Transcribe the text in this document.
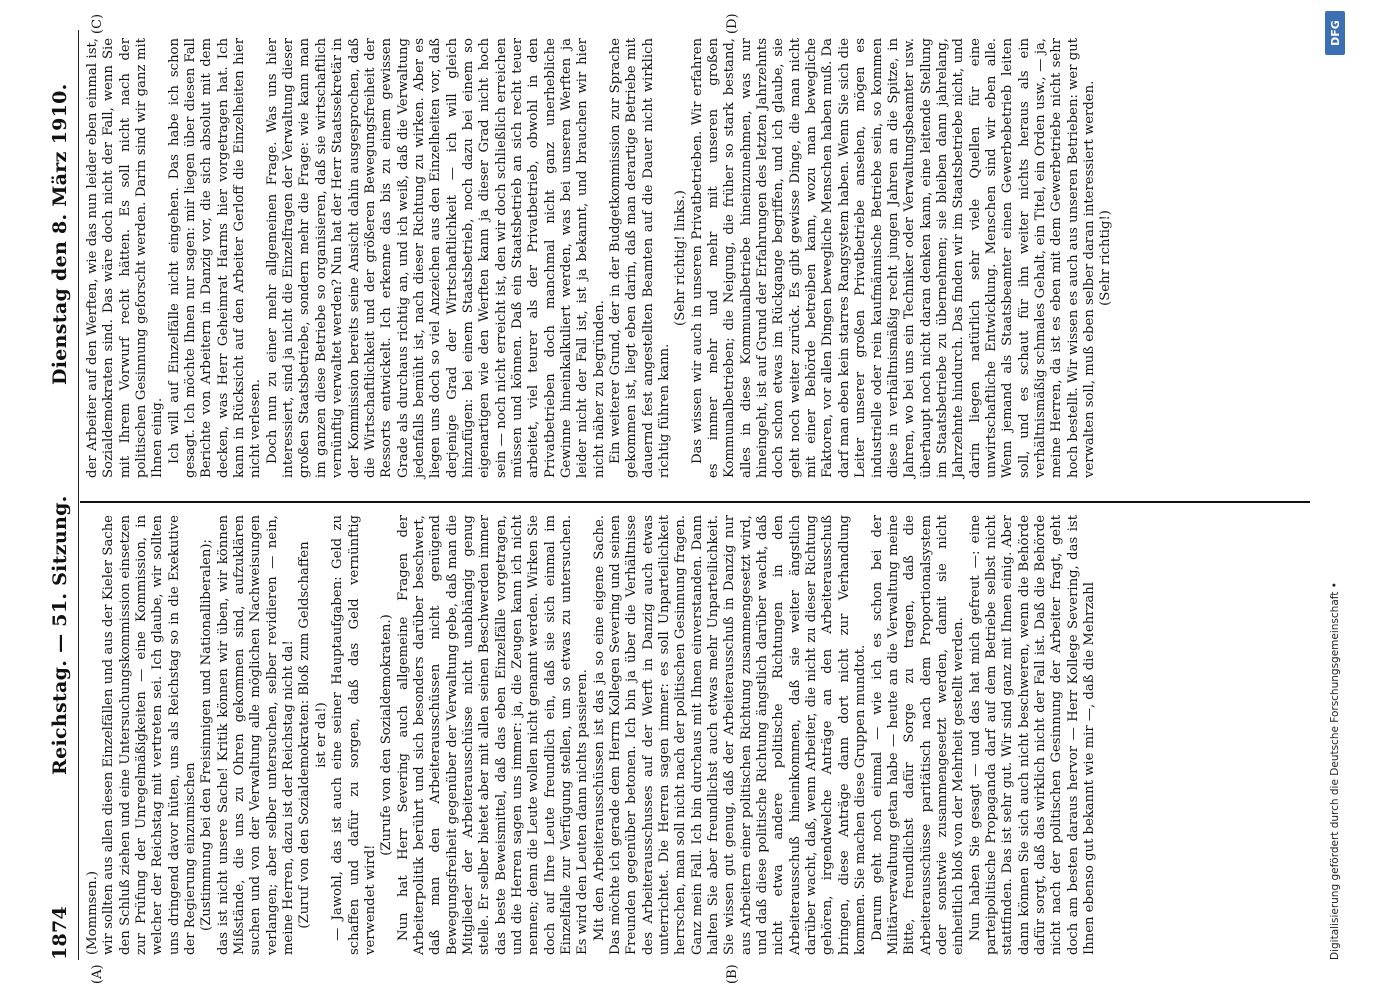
1874
Reichstag. — 51. Sitzung.
Dienstag den 8. März 1910.
(A)	(B)
(C)	(D)

(Mommsen.) wir sollten aus allen diesen Einzelfällen und aus der Kieler Sache den Schluß ziehen und eine Untersuchungskommission einsetzen zur Prüfung der Unregelmäßigkeiten — eine Kommission, in welcher der Reichstag mit vertreten sei. Ich glaube, wir sollten uns dringend davor hüten, uns als Reichstag so in die Exekutive der Regierung einzumischen (Zustimmung bei den Freisinnigen und Nationalliberalen); das ist nicht unsere Sache! Kritik können wir üben, wir können Mißstände, die uns zu Ohren gekommen sind, aufzuklären suchen und von der Verwaltung alle möglichen Nachweisungen verlangen; aber selber untersuchen, selber revidieren — nein, meine Herren, dazu ist der Reichstag nicht da! (Zuruf von den Sozialdemokraten: Bloß zum Geldschaffen ist er da!) — Jawohl, das ist auch eine seiner Hauptaufgaben: Geld zu schaffen und dafür zu sorgen, daß das Geld vernünftig verwendet wird!

(Zurufe von den Sozialdemokraten.) Nun hat Herr Severing auch allgemeine Fragen der Arbeiterpolitik berührt und sich besonders darüber beschwert, daß man den Arbeiterausschüssen nicht genügend Bewegungsfreiheit gegenüber der Verwaltung gebe, daß man die Mitglieder der Arbeiterausschüsse nicht unabhängig genug stelle. Er selber bietet aber mit allen seinen Beschwerden immer das beste Beweismittel, daß das eben Einzelfälle vorgetragen, und die Herren sagen uns immer: ja, die Zeugen kann ich nicht nennen; denn die Leute wollen nicht genannt werden. Wirken Sie doch auf Ihre Leute freundlich ein, daß sie sich einmal im Einzelfalle zur Verfügung stellen, um so etwas zu untersuchen. Es wird den Leuten dann nichts passieren. Mit den Arbeiterausschüssen ist das ja so eine eigene Sache. Das möchte ich gerade dem Herrn Kollegen Severing und seinen Freunden gegenüber betonen. Ich bin ja über die Verhältnisse des Arbeiterausschusses auf der Werft in Danzig auch etwas unterrichtet. Die Herren sagen immer: es soll Unparteilichkeit herrschen, man soll nicht nach der politischen Gesinnung fragen. Ganz mein Fall. Ich bin durchaus mit Ihnen einverstanden. Dann halten Sie aber freundlichst auch etwas mehr Unparteilichkeit. Sie wissen gut genug, daß der Arbeiterausschuß in Danzig nur aus Arbeitern einer politischen Richtung zusammengesetzt wird, und daß diese politische Richtung ängstlich darüber wacht, daß nicht etwa andere politische Richtungen in den Arbeiterausschuß hineinkommen, daß sie weiter ängstlich darüber wacht, daß, wenn Arbeiter, die nicht zu dieser Richtung gehören, irgendwelche Anträge an den Arbeiterausschuß bringen, diese Anträge dann dort nicht zur Verhandlung kommen. Sie machen diese Gruppen mundtot. Darum geht noch einmal — wie ich es schon bei der Militärverwaltung getan habe — heute an die Verwaltung meine Bitte, freundlichst dafür Sorge zu tragen, daß die Arbeiterausschüsse paritätisch nach dem Proportionalsystem oder sonstwie zusammengesetzt werden, damit sie nicht einheitlich bloß von der Mehrheit gestellt werden. Nun haben Sie gesagt — und das hat mich gefreut —: eine parteipolitische Propaganda darf auf dem Betriebe selbst nicht stattfinden. Das ist sehr gut. Wir sind ganz mit Ihnen einig. Aber dann können Sie sich auch nicht beschweren, wenn die Behörde dafür sorgt, daß das wirklich nicht der Fall ist. Daß die Behörde nicht nach der politischen Gesinnung der Arbeiter fragt, geht doch am besten daraus hervor — Herr Kollege Severing, das ist Ihnen ebenso gut bekannt wie mir —, daß die Mehrzahl

der Arbeiter auf den Werften, wie das nun leider eben einmal ist, Sozialdemokraten sind. Das wäre doch nicht der Fall, wenn Sie mit Ihrem Vorwurf recht hätten. Es soll nicht nach der politischen Gesinnung geforscht werden. Darin sind wir ganz mit Ihnen einig. Ich will auf Einzelfälle nicht eingehen. Das habe ich schon gesagt. Ich möchte Ihnen nur sagen: mir liegen über diesen Fall Berichte von Arbeitern in Danzig vor, die sich absolut mit dem decken, was Herr Geheimrat Harms hier vorgetragen hat. Ich kann in Rücksicht auf den Arbeiter Gerloff die Einzelheiten hier nicht verlesen. Doch nun zu einer mehr allgemeinen Frage. Was uns hier interessiert, sind ja nicht die Einzelfragen der Verwaltung dieser großen Staatsbetriebe, sondern mehr die Frage: wie kann man im ganzen diese Betriebe so organisieren, daß sie wirtschaftlich vernünftig verwaltet werden? Nun hat der Herr Staatssekretär in der Kommission bereits seine Ansicht dahin ausgesprochen, daß die Wirtschaftlichkeit und der größeren Bewegungsfreiheit der Ressorts entwickelt. Ich erkenne das bis zu einem gewissen Grade als durchaus richtig an, und ich weiß, daß die Verwaltung jedenfalls bemüht ist, nach dieser Richtung zu wirken. Aber es liegen uns doch so viel Anzeichen aus den Einzelheiten vor, daß derjenige Grad der Wirtschaftlichkeit — ich will gleich hinzufügen: bei einem Staatsbetrieb, noch dazu bei einem so eigenartigen wie den Werften kann ja dieser Grad nicht hoch sein — noch nicht erreicht ist, den wir doch schließlich erreichen müssen und können. Daß ein Staatsbetrieb an sich recht teuer arbeitet, viel teurer als der Privatbetrieb, obwohl in den Privatbetrieben doch manchmal nicht ganz unerhebliche Gewinne hineinkalkuliert werden, was bei unseren Werften ja leider nicht der Fall ist, ist ja bekannt, und brauchen wir hier nicht näher zu begründen. Ein weiterer Grund, der in der Budgetkommission zur Sprache gekommen ist, liegt eben darin, daß man derartige Betriebe mit dauernd fest angestellten Beamten auf die Dauer nicht wirklich richtig führen kann.

(Sehr richtig! links.) Das wissen wir auch in unseren Privatbetrieben. Wir erfahren es immer mehr und mehr mit unseren großen Kommunalbetrieben; die Neigung, die früher so stark bestand, alles in diese Kommunalbetriebe hineinzunehmen, was nur hineingeht, ist auf Grund der Erfahrungen des letzten Jahrzehnts doch schon etwas im Rückgange begriffen, und ich glaube, sie geht noch weiter zurück. Es gibt gewisse Dinge, die man nicht mit einer Behörde betreiben kann, wozu man bewegliche Faktoren, vor allen Dingen bewegliche Menschen haben muß. Da darf man eben kein starres Rangsystem haben. Wenn Sie sich die Leiter unserer großen Privatbetriebe ansehen, mögen es industrielle oder rein kaufmännische Betriebe sein, so kommen diese in verhältnismäßig recht jungen Jahren an die Spitze, in Jahren, wo bei uns ein Techniker oder Verwaltungsbeamter usw. überhaupt noch nicht daran denken kann, eine leitende Stellung im Staatsbetriebe zu übernehmen; sie bleiben dann jahrelang, Jahrzehnte hindurch. Das finden wir im Staatsbetriebe nicht, und darin liegen natürlich sehr viele Quellen für eine unwirtschaftliche Entwicklung. Menschen sind wir eben alle. Wenn jemand als Staatsbeamter einen Gewerbebetrieb leiten soll, und es schaut für ihn weiter nichts heraus als ein verhältnismäßig schmales Gehalt, ein Titel, ein Orden usw., — ja, meine Herren, da ist es eben mit dem Gewerbetriebe nicht sehr hoch bestellt. Wir wissen es auch aus unseren Betrieben: wer gut verwalten soll, muß eben selber daran interessiert werden. (Sehr richtig!)

Digitalisierung gefördert durch die Deutsche Forschungsgemeinschaft •
DFG
